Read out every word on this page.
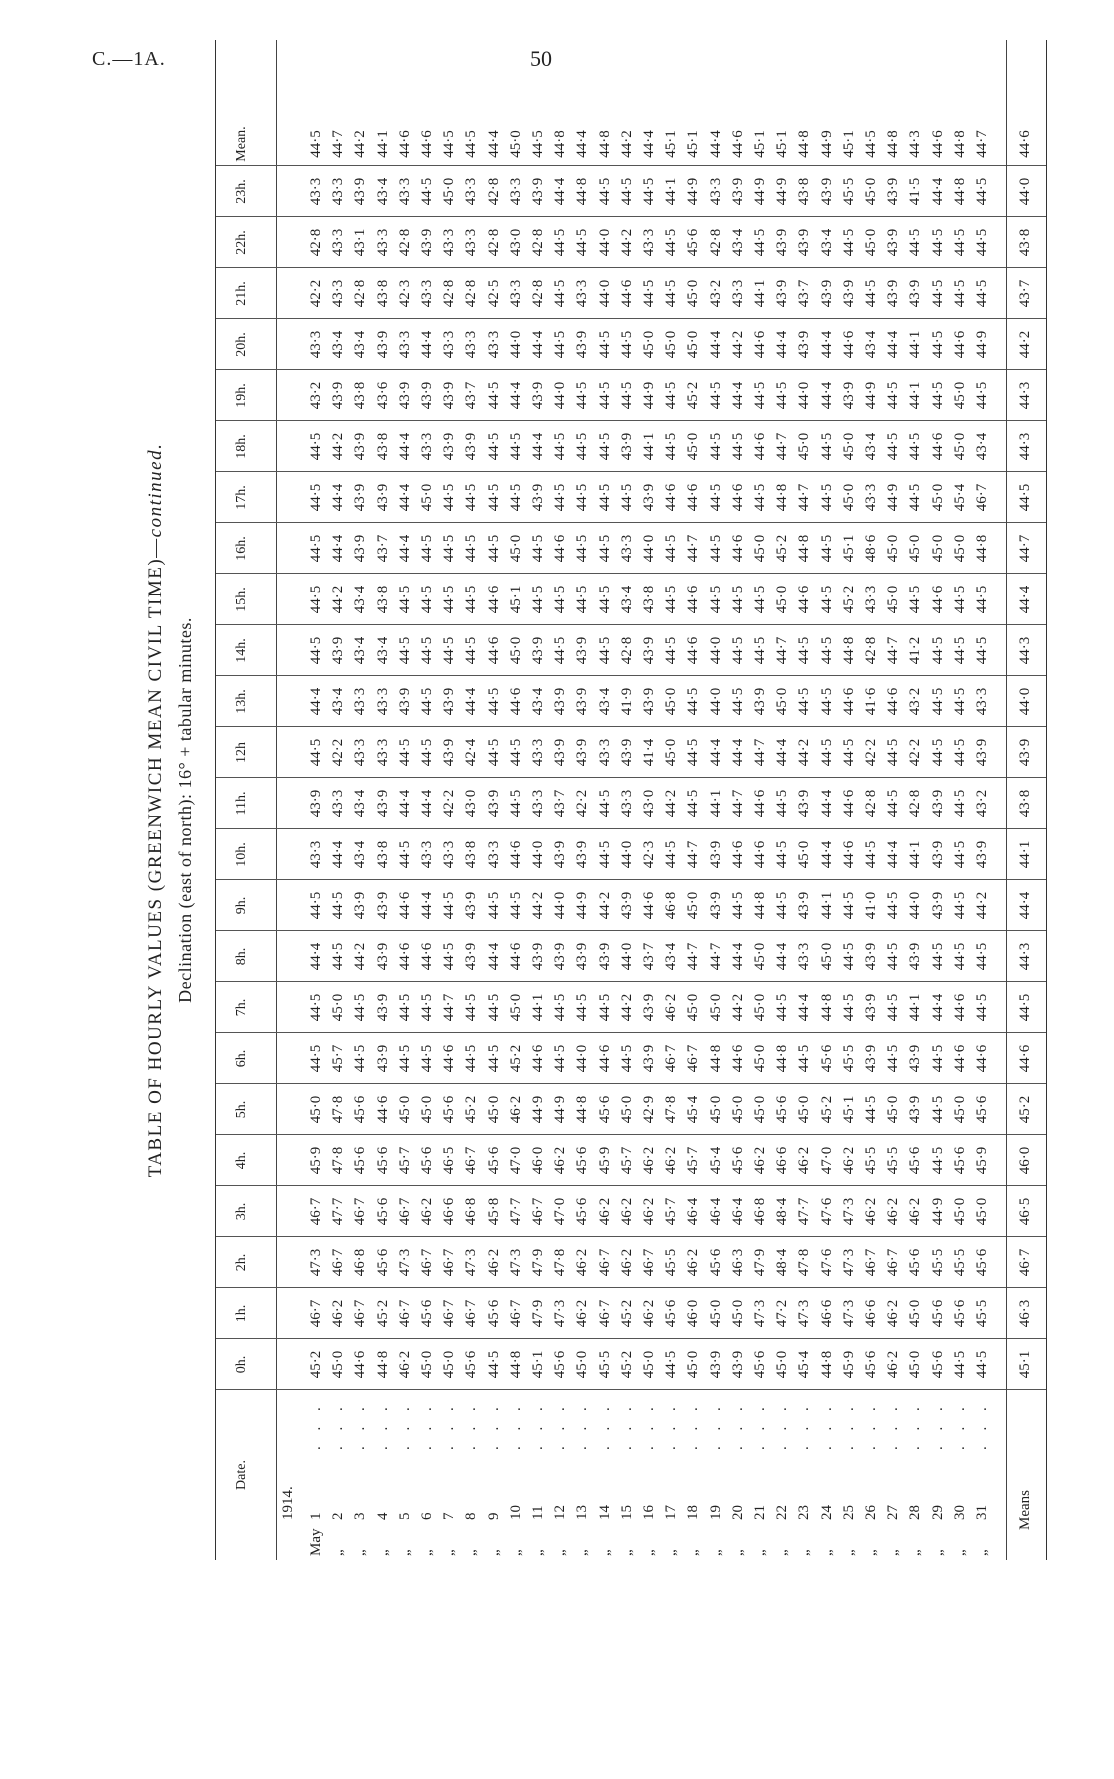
C.—1A.	50
TABLE OF HOURLY VALUES (GREENWICH MEAN CIVIL TIME)—continued.
Declination (east of north): 16° + tabular minutes.
Date.
0h.
1h.
2h.
3h.
4h.
5h.
6h.
7h.
8h.
9h.
10h.
11h.
12h
13h.
14h.
15h.
16h.
17h.
18h.
19h.
20h.
21h.
22h.
23h.
Mean.
1914.
May
1
. . .
45·2
46·7
47·3
46·7
45·9
45·0
44·5
44·5
44·4
44·5
43·3
43·9
44·5
44·4
44·5
44·5
44·5
44·5
44·5
43·2
43·3
42·2
42·8
43·3
44·5
„
2
. . .
45·0
46·2
46·7
47·7
47·8
47·8
45·7
45·0
44·5
44·5
44·4
43·3
42·2
43·4
43·9
44·2
44·4
44·4
44·2
43·9
43·4
43·3
43·3
43·3
44·7
„
3
. . .
44·6
46·7
46·8
46·7
45·6
45·6
44·5
44·5
44·2
43·9
43·4
43·4
43·3
43·3
43·4
43·4
43·9
43·9
43·9
43·8
43·4
42·8
43·1
43·9
44·2
„
4
. . .
44·8
45·2
45·6
45·6
45·6
44·6
43·9
43·9
43·9
43·9
43·8
43·9
43·3
43·3
43·4
43·8
43·7
43·9
43·8
43·6
43·9
43·8
43·3
43·4
44·1
„
5
. . .
46·2
46·7
47·3
46·7
45·7
45·0
44·5
44·5
44·6
44·6
44·5
44·4
44·5
43·9
44·5
44·5
44·4
44·4
44·4
43·9
43·3
42·3
42·8
43·3
44·6
„
6
. . .
45·0
45·6
46·7
46·2
45·6
45·0
44·5
44·5
44·6
44·4
43·3
44·4
44·5
44·5
44·5
44·5
44·5
45·0
43·3
43·9
44·4
43·3
43·9
44·5
44·6
„
7
. . .
45·0
46·7
46·7
46·6
46·5
45·6
44·6
44·7
44·5
44·5
43·3
42·2
43·9
43·9
44·5
44·5
44·5
44·5
43·9
43·9
43·3
42·8
43·3
45·0
44·5
„
8
. . .
45·6
46·7
47·3
46·8
46·7
45·2
44·5
44·5
43·9
43·9
43·8
43·0
42·4
44·4
44·5
44·5
44·5
44·5
43·9
43·7
43·3
42·8
43·3
43·3
44·5
„
9
. . .
44·5
45·6
46·2
45·8
45·6
45·0
44·5
44·5
44·4
44·5
43·3
43·9
44·5
44·5
44·6
44·6
44·5
44·5
44·5
44·5
43·3
42·5
42·8
42·8
44·4
„
10
. . .
44·8
46·7
47·3
47·7
47·0
46·2
45·2
45·0
44·6
44·5
44·6
44·5
44·5
44·6
45·0
45·1
45·0
44·5
44·5
44·4
44·0
43·3
43·0
43·3
45·0
„
11
. . .
45·1
47·9
47·9
46·7
46·0
44·9
44·6
44·1
43·9
44·2
44·0
43·3
43·3
43·4
43·9
44·5
44·5
43·9
44·4
43·9
44·4
42·8
42·8
43·9
44·5
„
12
. . .
45·6
47·3
47·8
47·0
46·2
44·9
44·5
44·5
43·9
44·0
43·9
43·7
43·9
43·9
44·5
44·5
44·6
44·5
44·5
44·0
44·5
44·5
44·5
44·4
44·8
„
13
. . .
45·0
46·2
46·2
45·6
45·6
44·8
44·0
44·5
43·9
44·9
43·9
42·2
43·9
43·9
43·9
44·5
44·5
44·5
44·5
44·5
43·9
43·3
44·5
44·8
44·4
„
14
. . .
45·5
46·7
46·7
46·2
45·9
45·6
44·6
44·5
43·9
44·2
44·5
44·5
43·3
43·4
44·5
44·5
44·5
44·5
44·5
44·5
44·5
44·0
44·0
44·5
44·8
„
15
. . .
45·2
45·2
46·2
46·2
45·7
45·0
44·5
44·2
44·0
43·9
44·0
43·3
43·9
41·9
42·8
43·4
43·3
44·5
43·9
44·5
44·5
44·6
44·2
44·5
44·2
„
16
. . .
45·0
46·2
46·7
46·2
46·2
42·9
43·9
43·9
43·7
44·6
42·3
43·0
41·4
43·9
43·9
43·8
44·0
43·9
44·1
44·9
45·0
44·5
43·3
44·5
44·4
„
17
. . .
44·5
45·6
45·5
45·7
46·2
47·8
46·7
46·2
43·4
46·8
44·5
44·2
45·0
45·0
44·5
44·5
44·5
44·6
44·5
44·5
45·0
44·5
44·5
44·1
45·1
„
18
. . .
45·0
46·0
46·2
46·4
45·7
45·4
46·7
45·0
44·7
45·0
44·7
44·5
44·5
44·5
44·6
44·6
44·7
44·6
45·0
45·2
45·0
45·0
45·6
44·9
45·1
„
19
. . .
43·9
45·0
45·6
46·4
45·4
45·0
44·8
45·0
44·7
43·9
43·9
44·1
44·4
44·0
44·0
44·5
44·5
44·5
44·5
44·5
44·4
43·2
42·8
43·3
44·4
„
20
. . .
43·9
45·0
46·3
46·4
45·6
45·0
44·6
44·2
44·4
44·5
44·6
44·7
44·4
44·5
44·5
44·5
44·6
44·6
44·5
44·4
44·2
43·3
43·4
43·9
44·6
„
21
. . .
45·6
47·3
47·9
46·8
46·2
45·0
45·0
45·0
45·0
44·8
44·6
44·6
44·7
43·9
44·5
44·5
45·0
44·5
44·6
44·5
44·6
44·1
44·5
44·9
45·1
„
22
. . .
45·0
47·2
48·4
48·4
46·6
45·6
44·8
44·5
44·4
44·5
44·5
44·5
44·4
45·0
44·7
45·0
45·2
44·8
44·7
44·5
44·4
43·9
43·9
44·9
45·1
„
23
. . .
45·4
47·3
47·8
47·7
46·2
45·0
44·5
44·4
43·3
43·9
45·0
43·9
44·2
44·5
44·5
44·6
44·8
44·7
45·0
44·0
43·9
43·7
43·9
43·8
44·8
„
24
. . .
44·8
46·6
47·6
47·6
47·0
45·2
45·6
44·8
45·0
44·1
44·4
44·4
44·5
44·5
44·5
44·5
44·5
44·5
44·5
44·4
44·4
43·9
43·4
43·9
44·9
„
25
. . .
45·9
47·3
47·3
47·3
46·2
45·1
45·5
44·5
44·5
44·5
44·6
44·6
44·5
44·6
44·8
45·2
45·1
45·0
45·0
43·9
44·6
43·9
44·5
45·5
45·1
„
26
. . .
45·6
46·6
46·7
46·2
45·5
44·5
43·9
43·9
43·9
41·0
44·5
42·8
42·2
41·6
42·8
43·3
48·6
43·3
43·4
44·9
43·4
44·5
45·0
45·0
44·5
„
27
. . .
46·2
46·2
46·7
46·2
45·5
45·0
44·5
44·5
44·5
44·5
44·4
44·5
44·5
44·6
44·7
45·0
45·0
44·9
44·5
44·5
44·4
43·9
43·9
43·9
44·8
„
28
. . .
45·0
45·0
45·6
46·2
45·6
43·9
43·9
44·1
43·9
44·0
44·1
42·8
42·2
43·2
41·2
44·5
45·0
44·5
44·5
44·1
44·1
43·9
44·5
41·5
44·3
„
29
. . .
45·6
45·6
45·5
44·9
44·5
44·5
44·5
44·4
44·5
43·9
43·9
43·9
44·5
44·5
44·5
44·6
45·0
45·0
44·6
44·5
44·5
44·5
44·5
44·4
44·6
„
30
. . .
44·5
45·6
45·5
45·0
45·6
45·0
44·6
44·6
44·5
44·5
44·5
44·5
44·5
44·5
44·5
44·5
45·0
45·4
45·0
45·0
44·6
44·5
44·5
44·8
44·8
„
31
. . .
44·5
45·5
45·6
45·0
45·9
45·6
44·6
44·5
44·5
44·2
43·9
43·2
43·9
43·3
44·5
44·5
44·8
46·7
43·4
44·5
44·9
44·5
44·5
44·5
44·7
Means
45·1
46·3
46·7
46·5
46·0
45·2
44·6
44·5
44·3
44·4
44·1
43·8
43·9
44·0
44·3
44·4
44·7
44·5
44·3
44·3
44·2
43·7
43·8
44·0
44·6
